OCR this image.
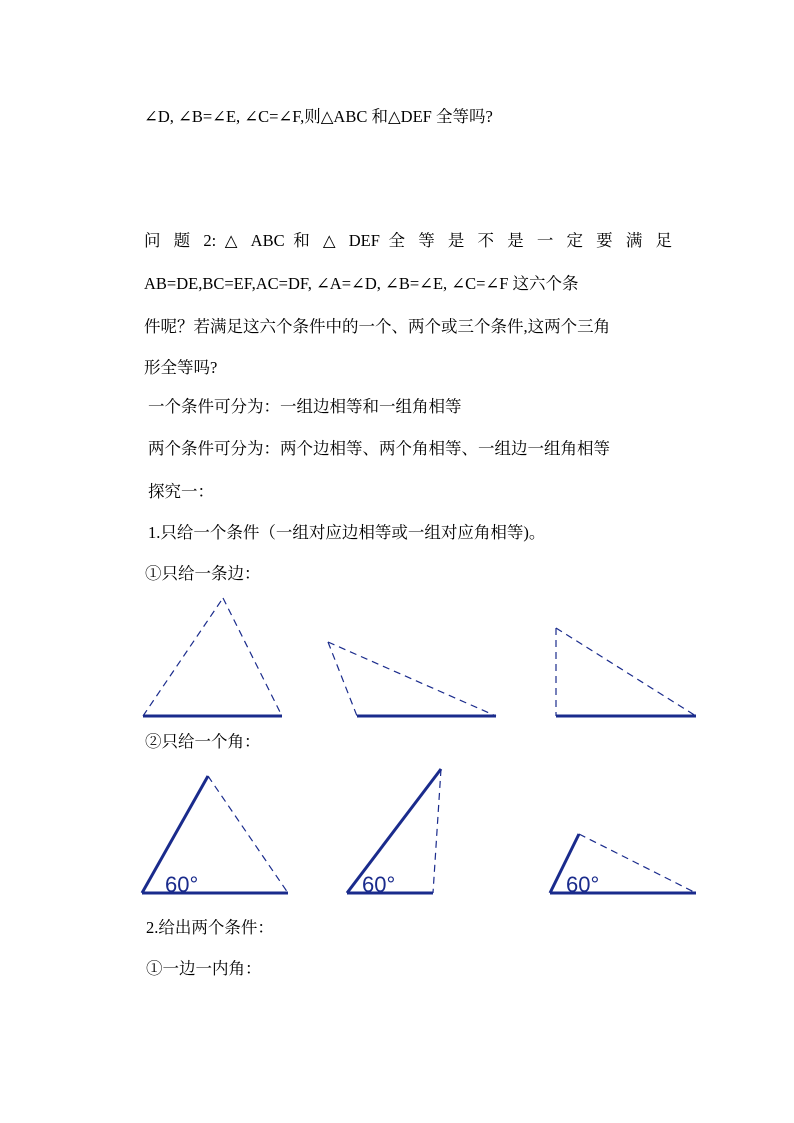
∠D, ∠B=∠E, ∠C=∠F,则△ABC 和△DEF 全等吗?
问 题 2: △ ABC 和 △ DEF 全 等 是 不 是 一 定 要 满 足
AB=DE,BC=EF,AC=DF, ∠A=∠D, ∠B=∠E, ∠C=∠F 这六个条
件呢？若满足这六个条件中的一个、两个或三个条件,这两个三角
形全等吗?
一个条件可分为：一组边相等和一组角相等
两个条件可分为：两个边相等、两个角相等、一组边一组角相等
探究一：
1.只给一个条件（一组对应边相等或一组对应角相等)。
①只给一条边：
60°	60°	60°
②只给一个角：
2.给出两个条件：
①一边一内角：
